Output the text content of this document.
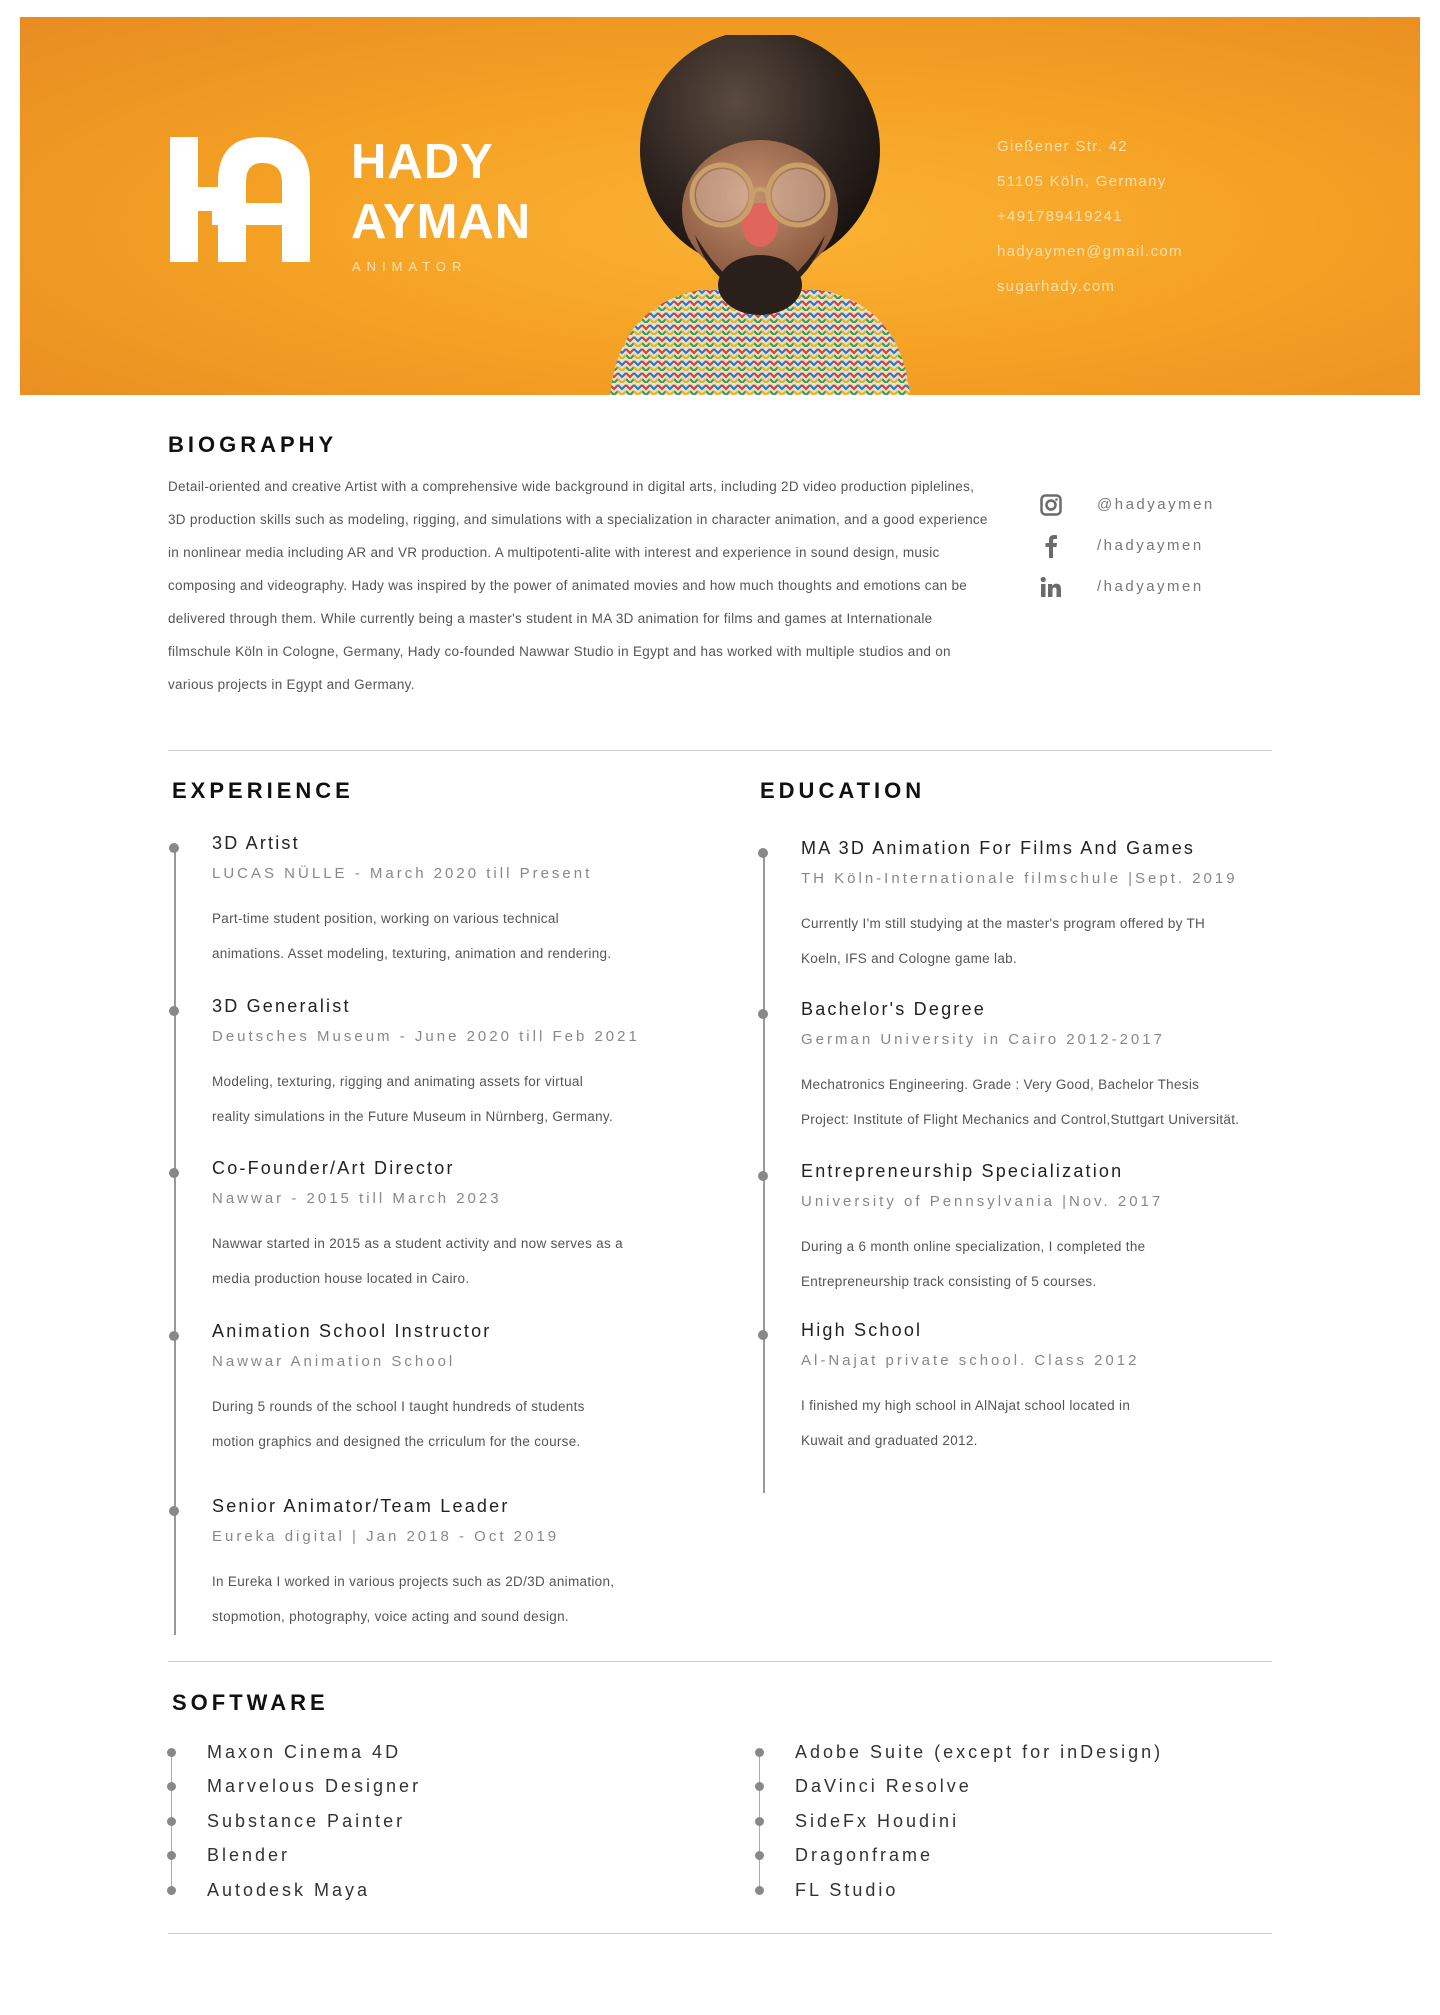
HADY
AYMAN
ANIMATOR
Gießener Str. 42
51105 Köln, Germany
+491789419241
hadyaymen@gmail.com
sugarhady.com
BIOGRAPHY
Detail-oriented and creative Artist with a comprehensive wide background in digital arts, including 2D video production piplelines, 3D production skills such as modeling, rigging, and simulations with a specialization in character animation, and a good experience in nonlinear media including AR and VR production. A multipotenti-alite with interest and experience in sound design, music composing and videography. Hady was inspired by the power of animated movies and how much thoughts and emotions can be delivered through them. While currently being a master's student in MA 3D animation for films and games at Internationale filmschule Köln in Cologne, Germany, Hady co-founded Nawwar Studio in Egypt and has worked with multiple studios and on various projects in Egypt and Germany.
@hadyaymen
/hadyaymen
/hadyaymen
EXPERIENCE
3D Artist
LUCAS NÜLLE - March 2020 till Present
Part-time student position, working on various technical
animations. Asset modeling, texturing, animation and rendering.
3D Generalist
Deutsches Museum - June 2020 till Feb 2021
Modeling, texturing, rigging and animating assets for virtual
reality simulations in the Future Museum in Nürnberg, Germany.
Co-Founder/Art Director
Nawwar - 2015 till March 2023
Nawwar started in 2015 as a student activity and now serves as a
media production house located in Cairo.
Animation School Instructor
Nawwar Animation School
During 5 rounds of the school I taught hundreds of students
motion graphics and designed the crriculum for the course.
Senior Animator/Team Leader
Eureka digital | Jan 2018 - Oct 2019
In Eureka I worked in various projects such as 2D/3D animation,
stopmotion, photography, voice acting and sound design.
EDUCATION
MA 3D Animation For Films And Games
TH Köln-Internationale filmschule |Sept. 2019
Currently I'm still studying at the master's program offered by TH
Koeln, IFS and Cologne game lab.
Bachelor's Degree
German University in Cairo 2012-2017
Mechatronics Engineering. Grade : Very Good, Bachelor Thesis
Project: Institute of Flight Mechanics and Control,Stuttgart Universität.
Entrepreneurship Specialization
University of Pennsylvania |Nov. 2017
During a 6 month online specialization, I completed the
Entrepreneurship track consisting of 5 courses.
High School
Al-Najat private school. Class 2012
I finished my high school in AlNajat school located in
Kuwait and graduated 2012.
SOFTWARE
Maxon Cinema 4D
Marvelous Designer
Substance Painter
Blender
Autodesk Maya
Adobe Suite (except for inDesign)
DaVinci Resolve
SideFx Houdini
Dragonframe
FL Studio
